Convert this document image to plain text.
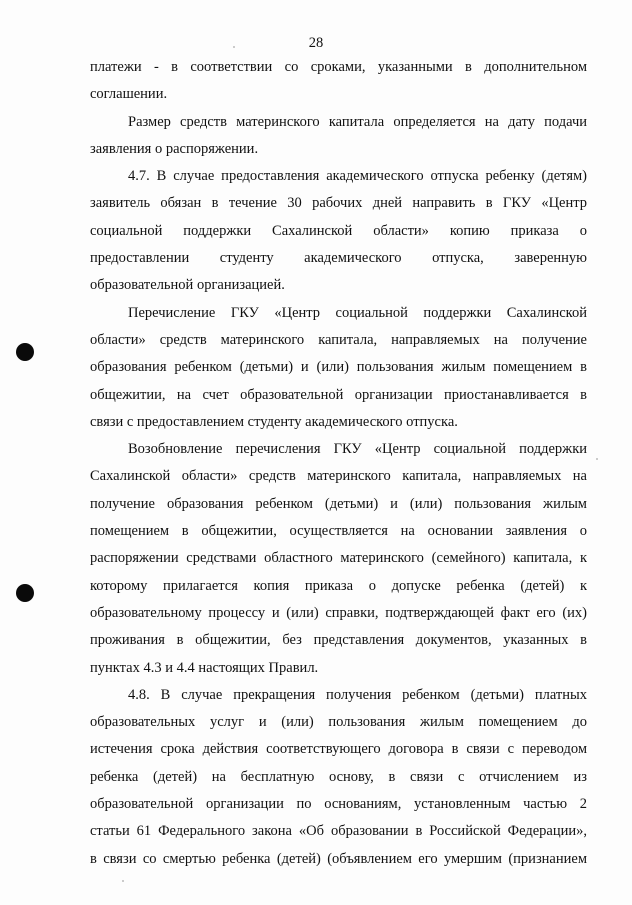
28
платежи - в соответствии со сроками, указанными в дополнительном
соглашении.
Размер средств материнского капитала определяется на дату подачи
заявления о распоряжении.
4.7. В случае предоставления академического отпуска ребенку (детям)
заявитель обязан в течение 30 рабочих дней направить в ГКУ «Центр
социальной поддержки Сахалинской области» копию приказа о
предоставлении студенту академического отпуска, заверенную
образовательной организацией.
Перечисление ГКУ «Центр социальной поддержки Сахалинской
области» средств материнского капитала, направляемых на получение
образования ребенком (детьми) и (или) пользования жилым помещением в
общежитии, на счет образовательной организации приостанавливается в
связи с предоставлением студенту академического отпуска.
Возобновление перечисления ГКУ «Центр социальной поддержки
Сахалинской области» средств материнского капитала, направляемых на
получение образования ребенком (детьми) и (или) пользования жилым
помещением в общежитии, осуществляется на основании заявления о
распоряжении средствами областного материнского (семейного) капитала, к
которому прилагается копия приказа о допуске ребенка (детей) к
образовательному процессу и (или) справки, подтверждающей факт его (их)
проживания в общежитии, без представления документов, указанных в
пунктах 4.3 и 4.4 настоящих Правил.
4.8. В случае прекращения получения ребенком (детьми) платных
образовательных услуг и (или) пользования жилым помещением до
истечения срока действия соответствующего договора в связи с переводом
ребенка (детей) на бесплатную основу, в связи с отчислением из
образовательной организации по основаниям, установленным частью 2
статьи 61 Федерального закона «Об образовании в Российской Федерации»,
в связи со смертью ребенка (детей) (объявлением его умершим (признанием
